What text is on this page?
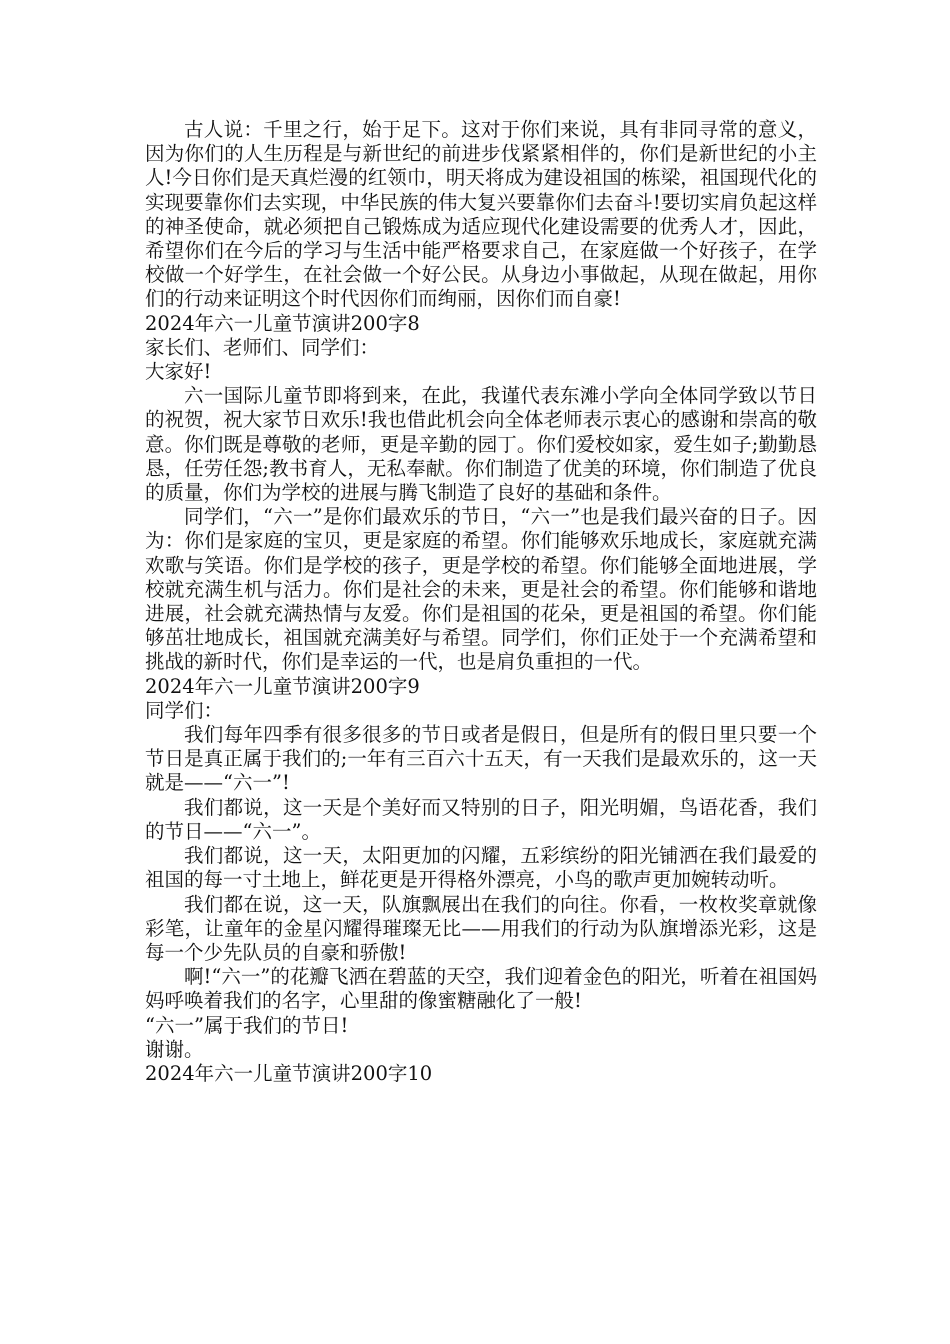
古人说：千里之行，始于足下。这对于你们来说，具有非同寻常的意义，因为你们的人生历程是与新世纪的前进步伐紧紧相伴的，你们是新世纪的小主人!今日你们是天真烂漫的红领巾，明天将成为建设祖国的栋梁，祖国现代化的实现要靠你们去实现，中华民族的伟大复兴要靠你们去奋斗!要切实肩负起这样的神圣使命，就必须把自己锻炼成为适应现代化建设需要的优秀人才，因此，希望你们在今后的学习与生活中能严格要求自己，在家庭做一个好孩子，在学校做一个好学生，在社会做一个好公民。从身边小事做起，从现在做起，用你们的行动来证明这个时代因你们而绚丽，因你们而自豪!

2024年六一儿童节演讲200字8

家长们、老师们、同学们：

大家好!

六一国际儿童节即将到来，在此，我谨代表东滩小学向全体同学致以节日的祝贺，祝大家节日欢乐!我也借此机会向全体老师表示衷心的感谢和崇高的敬意。你们既是尊敬的老师，更是辛勤的园丁。你们爱校如家，爱生如子;勤勤恳恳，任劳任怨;教书育人，无私奉献。你们制造了优美的环境，你们制造了优良的质量，你们为学校的进展与腾飞制造了良好的基础和条件。

同学们，“六一”是你们最欢乐的节日，“六一”也是我们最兴奋的日子。因为：你们是家庭的宝贝，更是家庭的希望。你们能够欢乐地成长，家庭就充满欢歌与笑语。你们是学校的孩子，更是学校的希望。你们能够全面地进展，学校就充满生机与活力。你们是社会的未来，更是社会的希望。你们能够和谐地进展，社会就充满热情与友爱。你们是祖国的花朵，更是祖国的希望。你们能够茁壮地成长，祖国就充满美好与希望。同学们，你们正处于一个充满希望和挑战的新时代，你们是幸运的一代，也是肩负重担的一代。

2024年六一儿童节演讲200字9

同学们：

我们每年四季有很多很多的节日或者是假日，但是所有的假日里只要一个节日是真正属于我们的;一年有三百六十五天，有一天我们是最欢乐的，这一天就是——“六一”!

我们都说，这一天是个美好而又特别的日子，阳光明媚，鸟语花香，我们的节日——“六一”。

我们都说，这一天，太阳更加的闪耀，五彩缤纷的阳光铺洒在我们最爱的祖国的每一寸土地上，鲜花更是开得格外漂亮，小鸟的歌声更加婉转动听。

我们都在说，这一天，队旗飘展出在我们的向往。你看，一枚枚奖章就像彩笔，让童年的金星闪耀得璀璨无比——用我们的行动为队旗增添光彩，这是每一个少先队员的自豪和骄傲!

啊!“六一”的花瓣飞洒在碧蓝的天空，我们迎着金色的阳光，听着在祖国妈妈呼唤着我们的名字，心里甜的像蜜糖融化了一般!

“六一”属于我们的节日!

谢谢。

2024年六一儿童节演讲200字10
